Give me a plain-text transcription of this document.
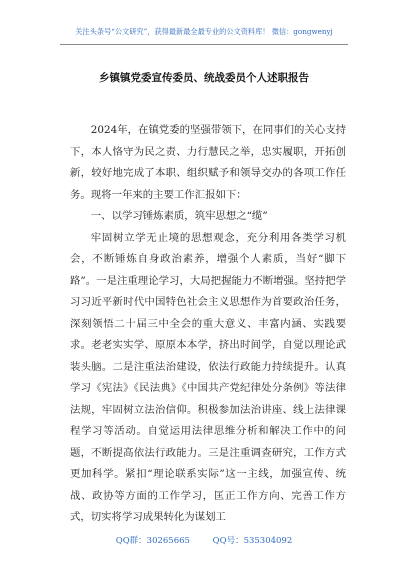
关注头条号“公文研究”，获得最新最全最专业的公文资料库！ 微信：gongwenyj
乡镇镇党委宣传委员、统战委员个人述职报告

2024年，在镇党委的坚强带领下，在同事们的关心支持下，本人恪守为民之责、力行慧民之举，忠实履职，开拓创新，较好地完成了本职、组织赋予和领导交办的各项工作任务。现将一年来的主要工作汇报如下：

一、以学习锤炼素质，筑牢思想之“缆”

牢固树立学无止境的思想观念，充分利用各类学习机会，不断锤炼自身政治素养，增强个人素质，当好“脚下路”。一是注重理论学习，大局把握能力不断增强。坚持把学习习近平新时代中国特色社会主义思想作为首要政治任务，深刻领悟二十届三中全会的重大意义、丰富内涵、实践要求。老老实实学、原原本本学，挤出时间学，自觉以理论武装头脑。二是注重法治建设，依法行政能力持续提升。认真学习《宪法》《民法典》《中国共产党纪律处分条例》等法律法规，牢固树立法治信仰。积极参加法治讲座、线上法律课程学习等活动。自觉运用法律思维分析和解决工作中的问题，不断提高依法行政能力。三是注重调查研究，工作方式更加科学。紧扣“理论联系实际”这一主线，加强宣传、统战、政协等方面的工作学习，匡正工作方向、完善工作方式，切实将学习成果转化为谋划工

QQ群：30265665	QQ号：535304092
